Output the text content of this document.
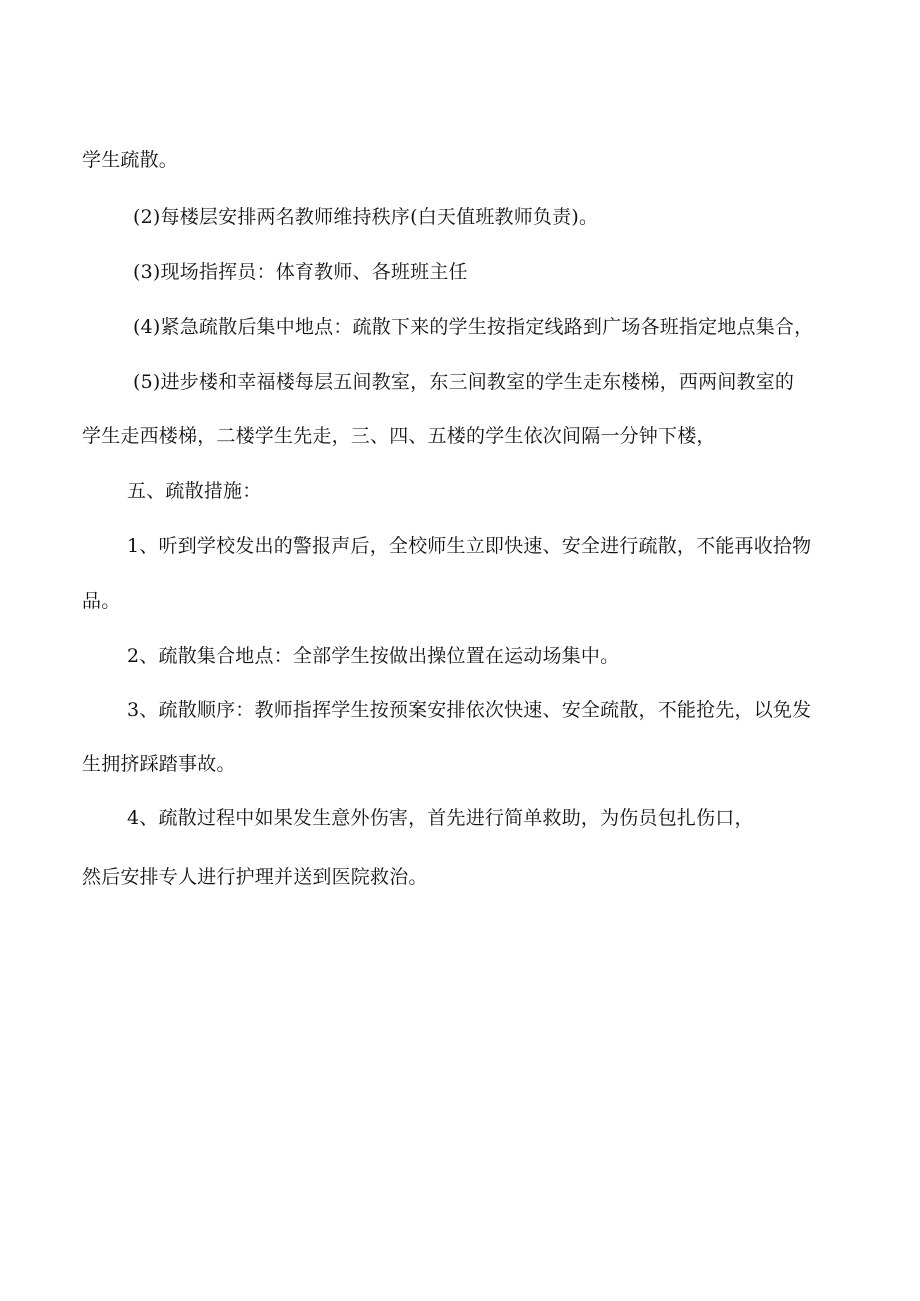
学生疏散。
(2)每楼层安排两名教师维持秩序(白天值班教师负责)。
(3)现场指挥员：体育教师、各班班主任
(4)紧急疏散后集中地点：疏散下来的学生按指定线路到广场各班指定地点集合，
(5)进步楼和幸福楼每层五间教室，东三间教室的学生走东楼梯，西两间教室的
学生走西楼梯，二楼学生先走，三、四、五楼的学生依次间隔一分钟下楼，
五、疏散措施：
1、听到学校发出的警报声后，全校师生立即快速、安全进行疏散，不能再收拾物
品。
2、疏散集合地点：全部学生按做出操位置在运动场集中。
3、疏散顺序：教师指挥学生按预案安排依次快速、安全疏散，不能抢先，以免发
生拥挤踩踏事故。
4、疏散过程中如果发生意外伤害，首先进行简单救助，为伤员包扎伤口，
然后安排专人进行护理并送到医院救治。
